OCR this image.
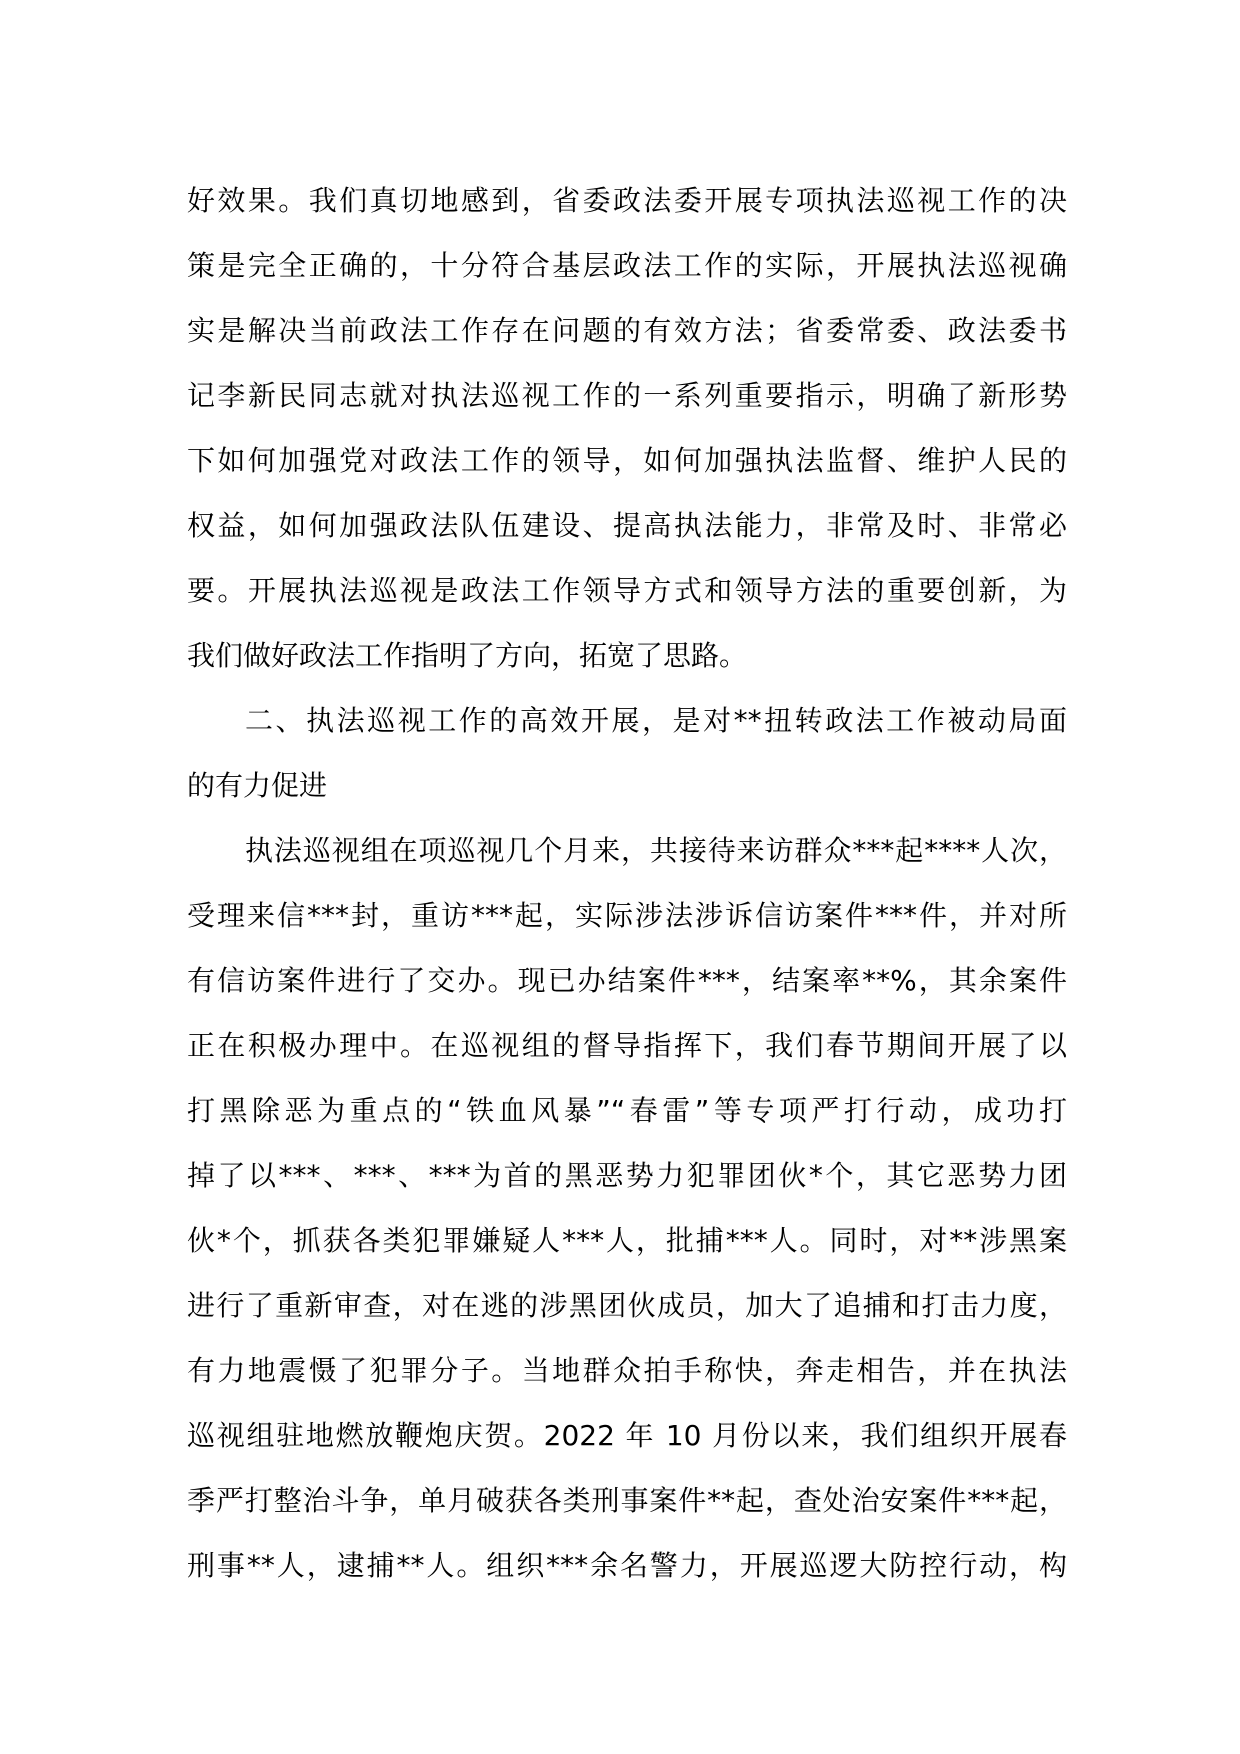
好效果。我们真切地感到，省委政法委开展专项执法巡视工作的决
策是完全正确的，十分符合基层政法工作的实际，开展执法巡视确
实是解决当前政法工作存在问题的有效方法；省委常委、政法委书
记李新民同志就对执法巡视工作的一系列重要指示，明确了新形势
下如何加强党对政法工作的领导，如何加强执法监督、维护人民的
权益，如何加强政法队伍建设、提高执法能力，非常及时、非常必
要。开展执法巡视是政法工作领导方式和领导方法的重要创新，为
我们做好政法工作指明了方向，拓宽了思路。
二、执法巡视工作的高效开展，是对**扭转政法工作被动局面
的有力促进
执法巡视组在项巡视几个月来，共接待来访群众***起****人次，
受理来信***封，重访***起，实际涉法涉诉信访案件***件，并对所
有信访案件进行了交办。现已办结案件***，结案率**%，其余案件
正在积极办理中。在巡视组的督导指挥下，我们春节期间开展了以
打黑除恶为重点的“铁血风暴”“春雷”等专项严打行动，成功打
掉了以***、***、***为首的黑恶势力犯罪团伙*个，其它恶势力团
伙*个，抓获各类犯罪嫌疑人***人，批捕***人。同时，对**涉黑案
进行了重新审查，对在逃的涉黑团伙成员，加大了追捕和打击力度，
有力地震慑了犯罪分子。当地群众拍手称快，奔走相告，并在执法
巡视组驻地燃放鞭炮庆贺。2022 年 10 月份以来，我们组织开展春
季严打整治斗争，单月破获各类刑事案件**起，查处治安案件***起，
刑事**人，逮捕**人。组织***余名警力，开展巡逻大防控行动，构
